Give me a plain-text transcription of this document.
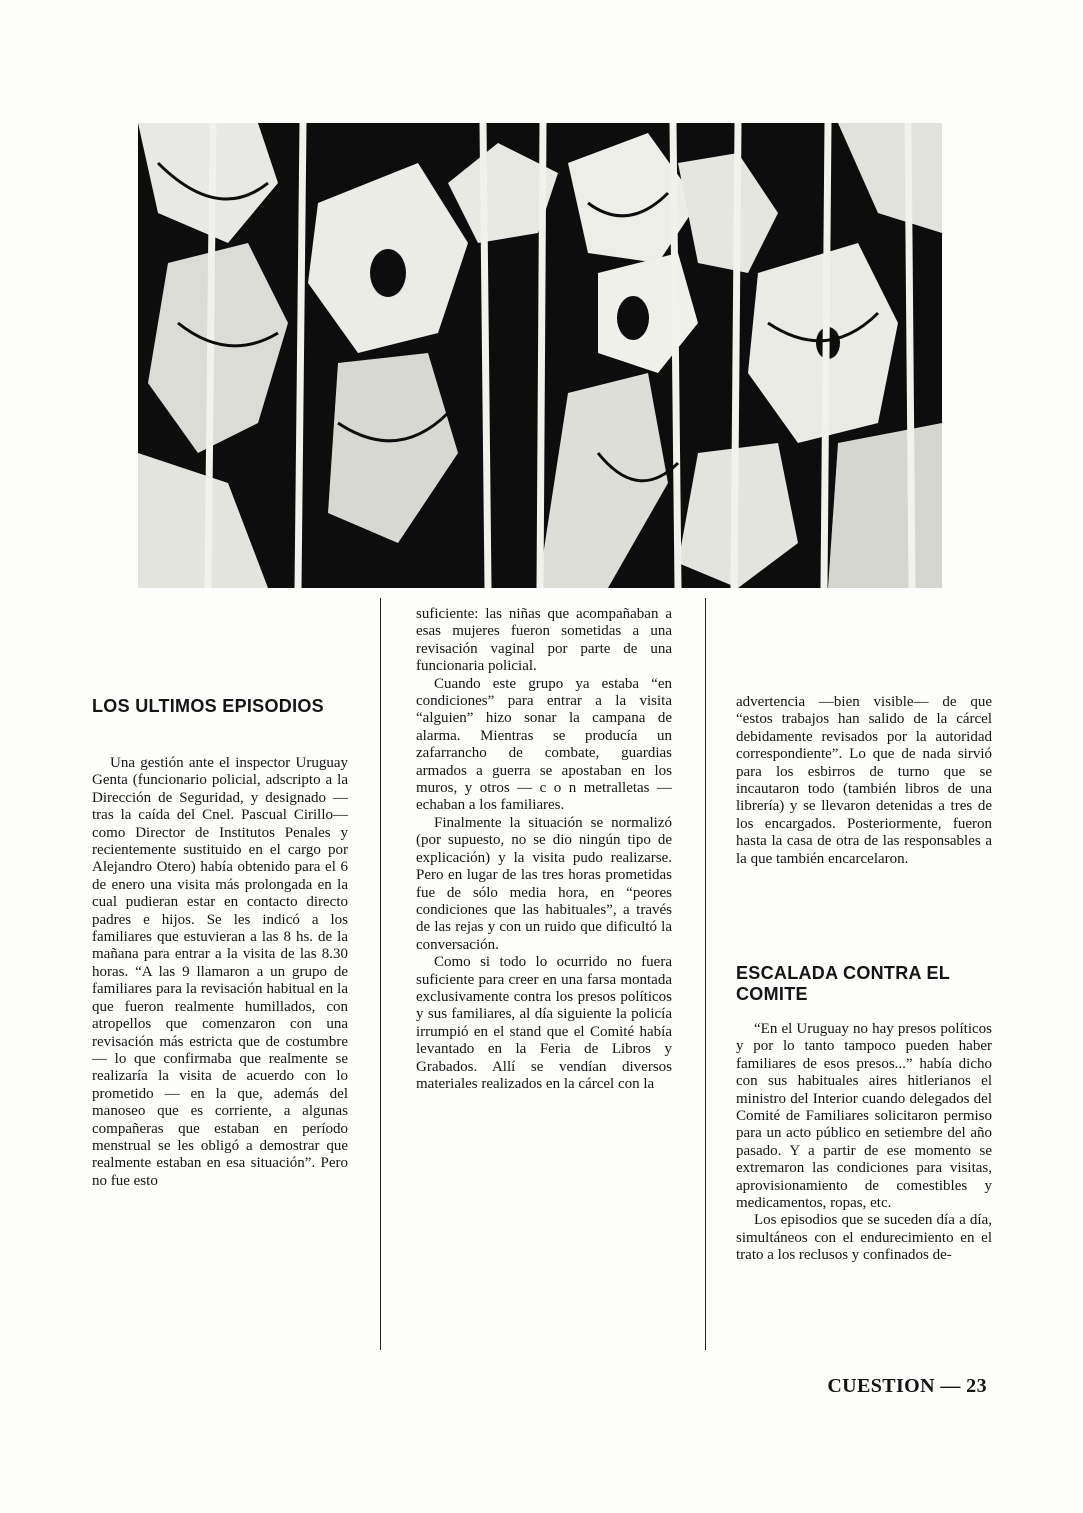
LOS ULTIMOS EPISODIOS
ESCALADA CONTRA EL COMITE

Una gestión ante el inspector Uruguay Genta (funcionario policial, adscripto a la Dirección de Seguridad, y designado —tras la caída del Cnel. Pascual Cirillo— como Director de Institutos Penales y recientemente sustituido en el cargo por Alejandro Otero) había obtenido para el 6 de enero una visita más prolongada en la cual pudieran estar en contacto directo padres e hijos. Se les indicó a los familiares que estuvieran a las 8 hs. de la mañana para entrar a la visita de las 8.30 horas. “A las 9 llamaron a un grupo de familiares para la revisación habitual en la que fueron realmente humillados, con atropellos que comenzaron con una revisación más estricta que de costumbre — lo que confirmaba que realmente se realizaría la visita de acuerdo con lo prometido — en la que, además del manoseo que es corriente, a algunas compañeras que estaban en período menstrual se les obligó a demostrar que realmente estaban en esa situación”. Pero no fue esto

suficiente: las niñas que acompañaban a esas mujeres fueron sometidas a una revisación vaginal por parte de una funcionaria policial.

Cuando este grupo ya estaba “en condiciones” para entrar a la visita “alguien” hizo sonar la campana de alarma. Mientras se producía un zafarrancho de combate, guardias armados a guerra se apostaban en los muros, y otros — c o n metralletas — echaban a los familiares.

Finalmente la situación se normalizó (por supuesto, no se dio ningún tipo de explicación) y la visita pudo realizarse. Pero en lugar de las tres horas prometidas fue de sólo media hora, en “peores condiciones que las habituales”, a través de las rejas y con un ruido que dificultó la conversación.

Como si todo lo ocurrido no fuera suficiente para creer en una farsa montada exclusivamente contra los presos políticos y sus familiares, al día siguiente la policía irrumpió en el stand que el Comité había levantado en la Feria de Libros y Grabados. Allí se vendían diversos materiales realizados en la cárcel con la

advertencia —bien visible— de que “estos trabajos han salido de la cárcel debidamente revisados por la autoridad correspondiente”. Lo que de nada sirvió para los esbirros de turno que se incautaron todo (también libros de una librería) y se llevaron detenidas a tres de los encargados. Posteriormente, fueron hasta la casa de otra de las responsables a la que también encarcelaron.

“En el Uruguay no hay presos políticos y por lo tanto tampoco pueden haber familiares de esos presos...” había dicho con sus habituales aires hitlerianos el ministro del Interior cuando delegados del Comité de Familiares solicitaron permiso para un acto público en setiembre del año pasado. Y a partir de ese momento se extremaron las condiciones para visitas, aprovisionamiento de comestibles y medicamentos, ropas, etc.

Los episodios que se suceden día a día, simultáneos con el endurecimiento en el trato a los reclusos y confinados de-

CUESTION — 23
